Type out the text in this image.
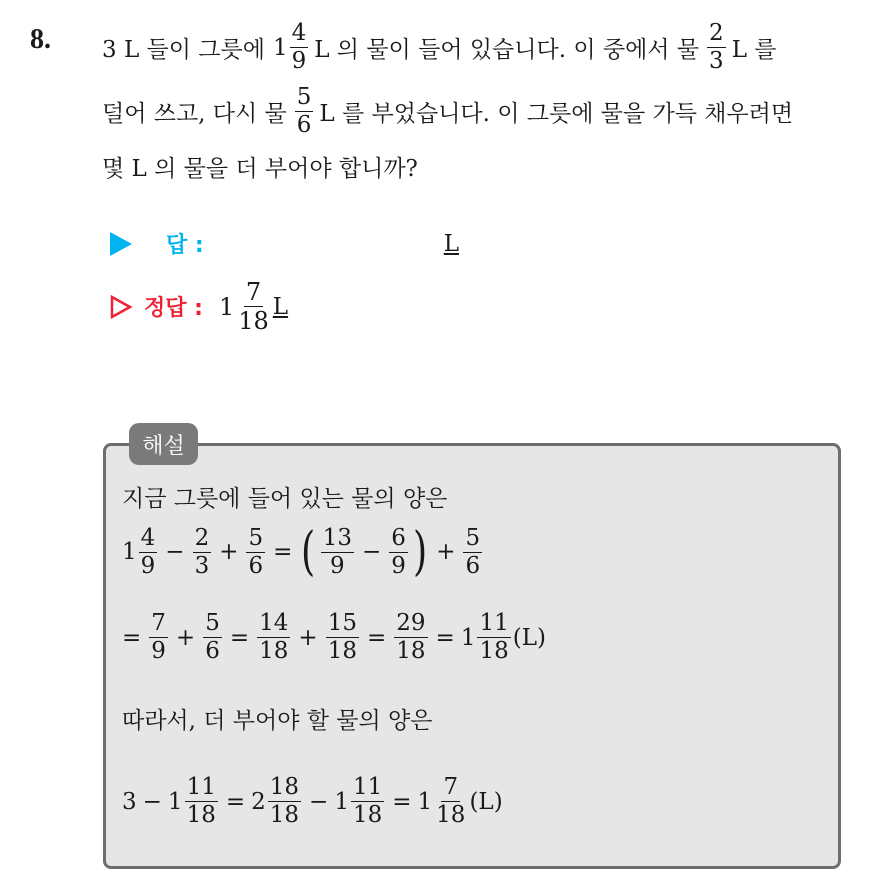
8. 3 L 들이 그릇에 $1 \frac{4}{9}$ L 의 물이 들어 있습니다. 이 중에서 물 $\frac{2}{3}$ L 를
덜어 쓰고, 다시 물 $\frac{5}{6}$ L 를 부었습니다. 이 그릇에 물을 가득 채우려면
몇 L 의 물을 더 부어야 합니까?
답 :	L
정답 : $1 \frac{7}{18}$ L
해설
지금 그릇에 들어 있는 물의 양은
$1 \frac{4}{9} - \frac{2}{3} + \frac{5}{6}$ = ( $\frac{13}{9} - \frac{6}{9}$ ) + $\frac{5}{6}$
= $\frac{7}{9} + \frac{5}{6} = \frac{14}{18} + \frac{15}{18} = \frac{29}{18} = 1 \frac{11}{18} (L)$
따라서, 더 부어야 할 물의 양은
$3 - 1 \frac{11}{18} = 2 \frac{18}{18} - 1 \frac{11}{18} = 1 \frac{7}{18} (L)$
